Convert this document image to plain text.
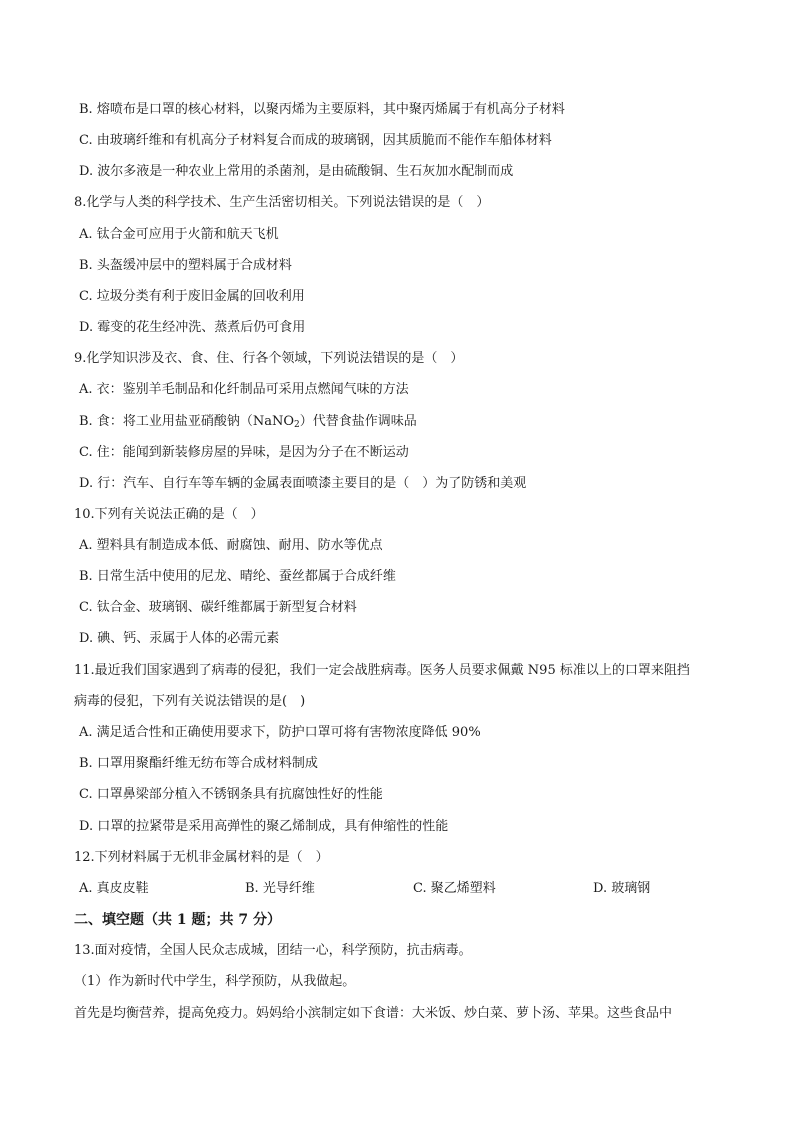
B. 熔喷布是口罩的核心材料，以聚丙烯为主要原料，其中聚丙烯属于有机高分子材料
C. 由玻璃纤维和有机高分子材料复合而成的玻璃钢，因其质脆而不能作车船体材料
D. 波尔多液是一种农业上常用的杀菌剂，是由硫酸铜、生石灰加水配制而成
8.化学与人类的科学技术、生产生活密切相关。下列说法错误的是（　）
A. 钛合金可应用于火箭和航天飞机
B. 头盔缓冲层中的塑料属于合成材料
C. 垃圾分类有利于废旧金属的回收利用
D. 霉变的花生经冲洗、蒸煮后仍可食用
9.化学知识涉及衣、食、住、行各个领域，下列说法错误的是（　）
A. 衣：鉴别羊毛制品和化纤制品可采用点燃闻气味的方法
B. 食：将工业用盐亚硝酸钠（NaNO$_2$）代替食盐作调味品
C. 住：能闻到新装修房屋的异味，是因为分子在不断运动
D. 行：汽车、自行车等车辆的金属表面喷漆主要目的是（　）为了防锈和美观
10.下列有关说法正确的是（　）
A. 塑料具有制造成本低、耐腐蚀、耐用、防水等优点
B. 日常生活中使用的尼龙、晴纶、蚕丝都属于合成纤维
C. 钛合金、玻璃钢、碳纤维都属于新型复合材料
D. 碘、钙、汞属于人体的必需元素
11.最近我们国家遇到了病毒的侵犯，我们一定会战胜病毒。医务人员要求佩戴 N95 标准以上的口罩来阻挡
病毒的侵犯，下列有关说法错误的是(　)
A. 满足适合性和正确使用要求下，防护口罩可将有害物浓度降低 90%
B. 口罩用聚酯纤维无纺布等合成材料制成
C. 口罩鼻梁部分植入不锈钢条具有抗腐蚀性好的性能
D. 口罩的拉紧带是采用高弹性的聚乙烯制成，具有伸缩性的性能
12.下列材料属于无机非金属材料的是（　）
A. 真皮皮鞋	B. 光导纤维	C. 聚乙烯塑料	D. 玻璃钢
二、填空题（共 1 题；共 7 分）
13.面对疫情，全国人民众志成城，团结一心，科学预防，抗击病毒。
（1）作为新时代中学生，科学预防，从我做起。
首先是均衡营养，提高免疫力。妈妈给小滨制定如下食谱：大米饭、炒白菜、萝卜汤、苹果。这些食品中
